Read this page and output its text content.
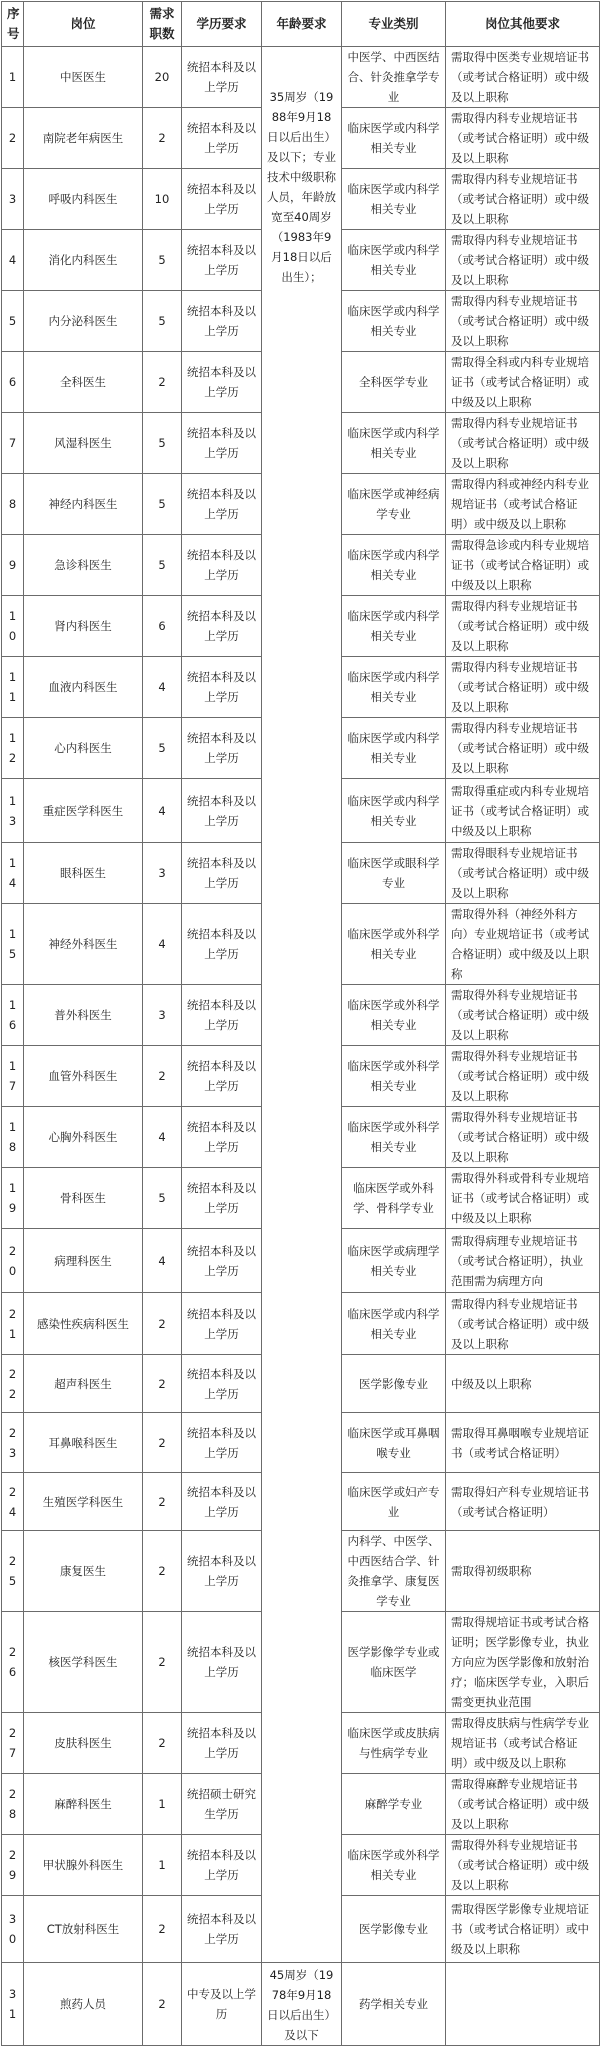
序号	岗位	需求职数	学历要求	年龄要求	专业类别	岗位其他要求
1	中医医生	20	统招本科及以上学历	35周岁（1988年9月18日以后出生）及以下；专业技术中级职称人员，年龄放宽至40周岁（1983年9月18日以后出生）；	中医学、中西医结合、针灸推拿学专业	需取得中医类专业规培证书（或考试合格证明）或中级及以上职称
2	南院老年病医生	2	统招本科及以上学历		临床医学或内科学相关专业	需取得内科专业规培证书（或考试合格证明）或中级及以上职称
3	呼吸内科医生	10	统招本科及以上学历		临床医学或内科学相关专业	需取得内科专业规培证书（或考试合格证明）或中级及以上职称
4	消化内科医生	5	统招本科及以上学历		临床医学或内科学相关专业	需取得内科专业规培证书（或考试合格证明）或中级及以上职称
5	内分泌科医生	5	统招本科及以上学历		临床医学或内科学相关专业	需取得内科专业规培证书（或考试合格证明）或中级及以上职称
6	全科医生	2	统招本科及以上学历		全科医学专业	需取得全科或内科专业规培证书（或考试合格证明）或中级及以上职称
7	风湿科医生	5	统招本科及以上学历		临床医学或内科学相关专业	需取得内科专业规培证书（或考试合格证明）或中级及以上职称
8	神经内科医生	5	统招本科及以上学历		临床医学或神经病学专业	需取得内科或神经内科专业规培证书（或考试合格证明）或中级及以上职称
9	急诊科医生	5	统招本科及以上学历		临床医学或内科学相关专业	需取得急诊或内科专业规培证书（或考试合格证明）或中级及以上职称
10	肾内科医生	6	统招本科及以上学历		临床医学或内科学相关专业	需取得内科专业规培证书（或考试合格证明）或中级及以上职称
11	血液内科医生	4	统招本科及以上学历		临床医学或内科学相关专业	需取得内科专业规培证书（或考试合格证明）或中级及以上职称
12	心内科医生	5	统招本科及以上学历		临床医学或内科学相关专业	需取得内科专业规培证书（或考试合格证明）或中级及以上职称
13	重症医学科医生	4	统招本科及以上学历		临床医学或内科学相关专业	需取得重症或内科专业规培证书（或考试合格证明）或中级及以上职称
14	眼科医生	3	统招本科及以上学历		临床医学或眼科学专业	需取得眼科专业规培证书（或考试合格证明）或中级及以上职称
15	神经外科医生	4	统招本科及以上学历		临床医学或外科学相关专业	需取得外科（神经外科方向）专业规培证书（或考试合格证明）或中级及以上职称
16	普外科医生	3	统招本科及以上学历		临床医学或外科学相关专业	需取得外科专业规培证书（或考试合格证明）或中级及以上职称
17	血管外科医生	2	统招本科及以上学历		临床医学或外科学相关专业	需取得外科专业规培证书（或考试合格证明）或中级及以上职称
18	心胸外科医生	4	统招本科及以上学历		临床医学或外科学相关专业	需取得外科专业规培证书（或考试合格证明）或中级及以上职称
19	骨科医生	5	统招本科及以上学历		临床医学或外科学、骨科学专业	需取得外科或骨科专业规培证书（或考试合格证明）或中级及以上职称
20	病理科医生	4	统招本科及以上学历		临床医学或病理学相关专业	需取得病理专业规培证书（或考试合格证明），执业范围需为病理方向
21	感染性疾病科医生	2	统招本科及以上学历		临床医学或内科学相关专业	需取得内科专业规培证书（或考试合格证明）或中级及以上职称
22	超声科医生	2	统招本科及以上学历		医学影像专业	中级及以上职称
23	耳鼻喉科医生	2	统招本科及以上学历		临床医学或耳鼻咽喉专业	需取得耳鼻咽喉专业规培证书（或考试合格证明）
24	生殖医学科医生	2	统招本科及以上学历		临床医学或妇产专业	需取得妇产科专业规培证书（或考试合格证明）
25	康复医生	2	统招本科及以上学历		内科学、中医学、中西医结合学、针灸推拿学、康复医学专业	需取得初级职称
26	核医学科医生	2	统招本科及以上学历		医学影像学专业或临床医学	需取得规培证书或考试合格证明；医学影像专业，执业方向应为医学影像和放射治疗；临床医学专业，入职后需变更执业范围
27	皮肤科医生	2	统招本科及以上学历		临床医学或皮肤病与性病学专业	需取得皮肤病与性病学专业规培证书（或考试合格证明）或中级及以上职称
28	麻醉科医生	1	统招硕士研究生学历		麻醉学专业	需取得麻醉专业规培证书（或考试合格证明）或中级及以上职称
29	甲状腺外科医生	1	统招本科及以上学历		临床医学或外科学相关专业	需取得外科专业规培证书（或考试合格证明）或中级及以上职称
30	CT放射科医生	2	统招本科及以上学历		医学影像专业	需取得医学影像专业规培证书（或考试合格证明）或中级及以上职称
31	煎药人员	2	中专及以上学历	45周岁（1978年9月18日以后出生）及以下	药学相关专业	
